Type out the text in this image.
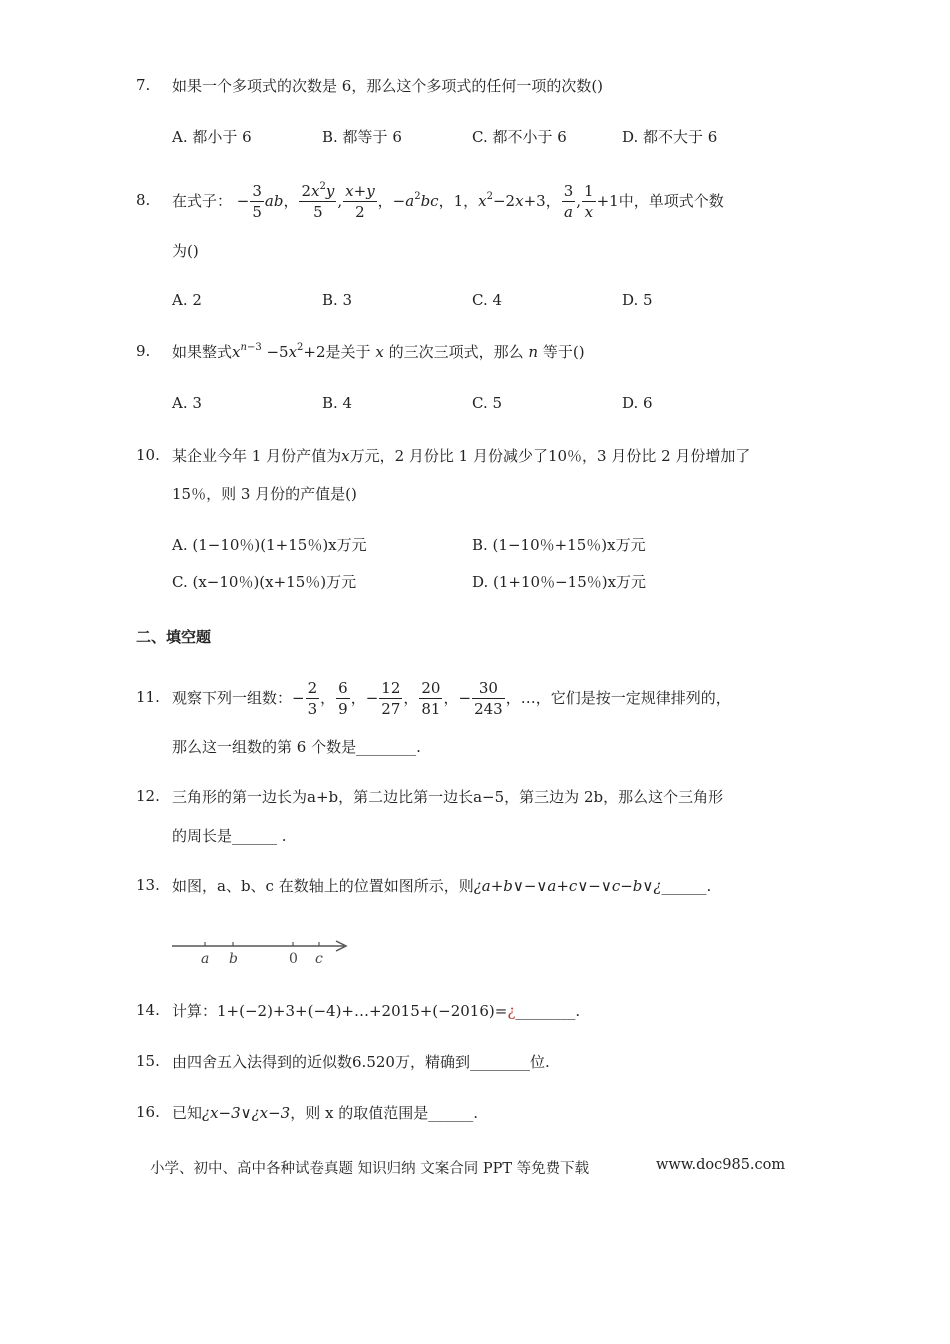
7. 如果一个多项式的次数是 6，那么这个多项式的任何一项的次数()
A. 都小于 6	B. 都等于 6	C. 都不小于 6	D. 都不大于 6
8. 在式子： − $\frac{3}{5}$ ab， $\frac{2x^2y}{5}$ , $\frac{x+y}{2}$ ，$-a^2bc$，1，$x^2-2x+3$， $\frac{3}{a}$ , $\frac{1}{x} +1$中，单项式个数
为()
A. 2	B. 3	C. 4	D. 5
9. 如果整式$x^{n-3} -5x^2+2$是关于 x 的三次三项式，那么 n 等于()
A. 3	B. 4	C. 5	D. 6
10. 某企业今年 1 月份产值为x万元，2 月份比 1 月份减少了10％，3 月份比 2 月份增加了
15％，则 3 月份的产值是()
A. (1−10％)(1+15％)x万元	B. (1−10％+15％)x万元
C. (x−10％)(x+15％)万元	D. (1+10％−15％)x万元
二、填空题
11. 观察下列一组数：− $\frac{2}{3}$ ， $\frac{6}{9}$ ，− $\frac{12}{27}$ ， $\frac{20}{81}$ ，− $\frac{30}{243}$ ，…，它们是按一定规律排列的，
那么这一组数的第 6 个数是________.
12. 三角形的第一边长为a+b，第二边比第一边长a−5，第三边为 2b，那么这个三角形
的周长是______ .
13. 如图，a、b、c 在数轴上的位置如图所示，则¿a+b∨−∨a+c∨−∨c−b∨¿______.
a b	0 c
14. 计算：1+(−2)+3+(−4)+…+2015+(−2016)=¿________.
15. 由四舍五入法得到的近似数6.520万，精确到________位.
16. 已知¿x−3∨¿x−3，则 x 的取值范围是______.
小学、初中、高中各种试卷真题 知识归纳 文案合同 PPT 等免费下载	www.doc985.com
